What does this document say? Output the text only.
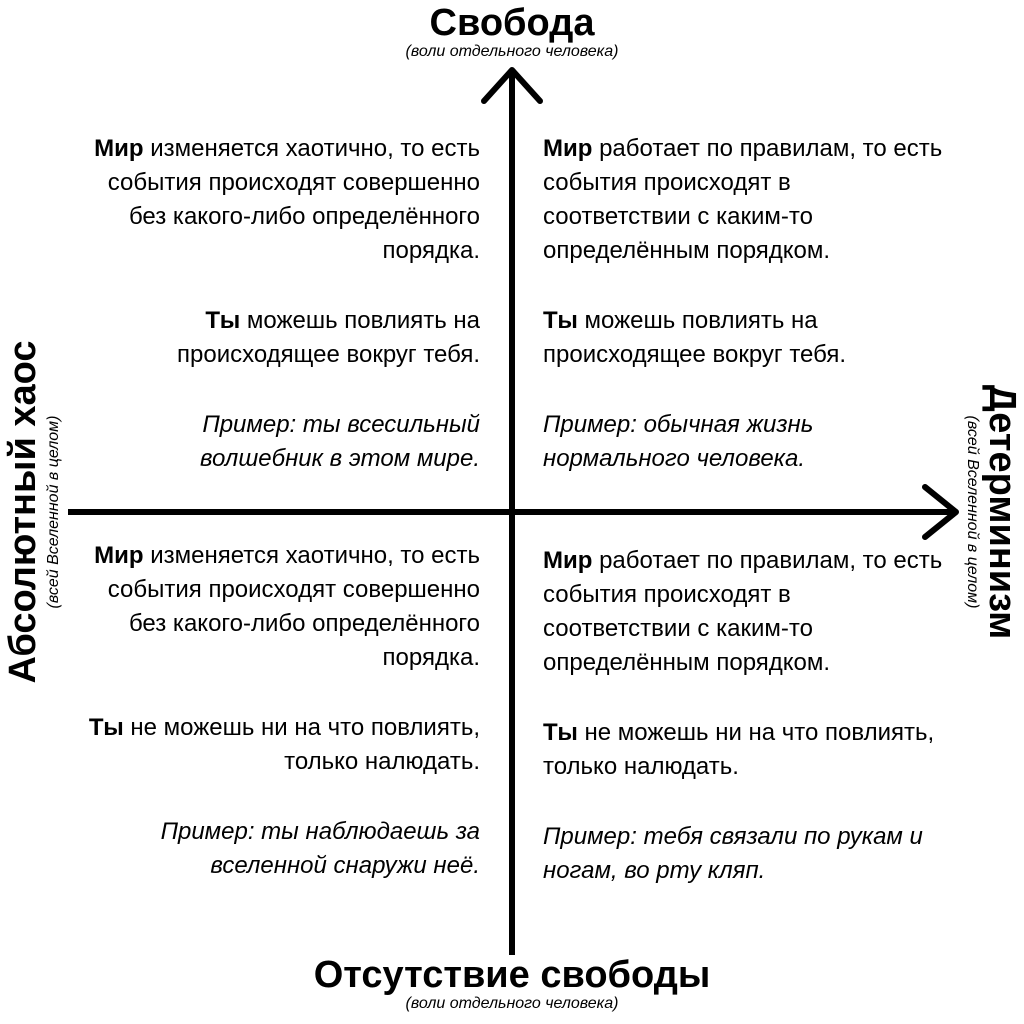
Свобода
(воли отдельного человека)
Отсутствие свободы
(воли отдельного человека)
Абсолютный хаос (всей Вселенной в целом)	Детерминизм
(всей Вселенной в целом)

Мир изменяется хаотично, то есть события происходят совершенно без какого-либо определённого порядка.

Ты можешь повлиять на происходящее вокруг тебя.

Пример: ты всесильный волшебник в этом мире.

Мир работает по правилам, то есть события происходят в соответствии с каким-то определённым порядком.

Ты можешь повлиять на происходящее вокруг тебя.

Пример: обычная жизнь нормального человека.

Мир изменяется хаотично, то есть события происходят совершенно без какого-либо определённого порядка.

Ты не можешь ни на что повлиять, только налюдать.

Пример: ты наблюдаешь за вселенной снаружи неё.

Мир работает по правилам, то есть события происходят в соответствии с каким-то определённым порядком.

Ты не можешь ни на что повлиять, только налюдать.

Пример: тебя связали по рукам и ногам, во рту кляп.
